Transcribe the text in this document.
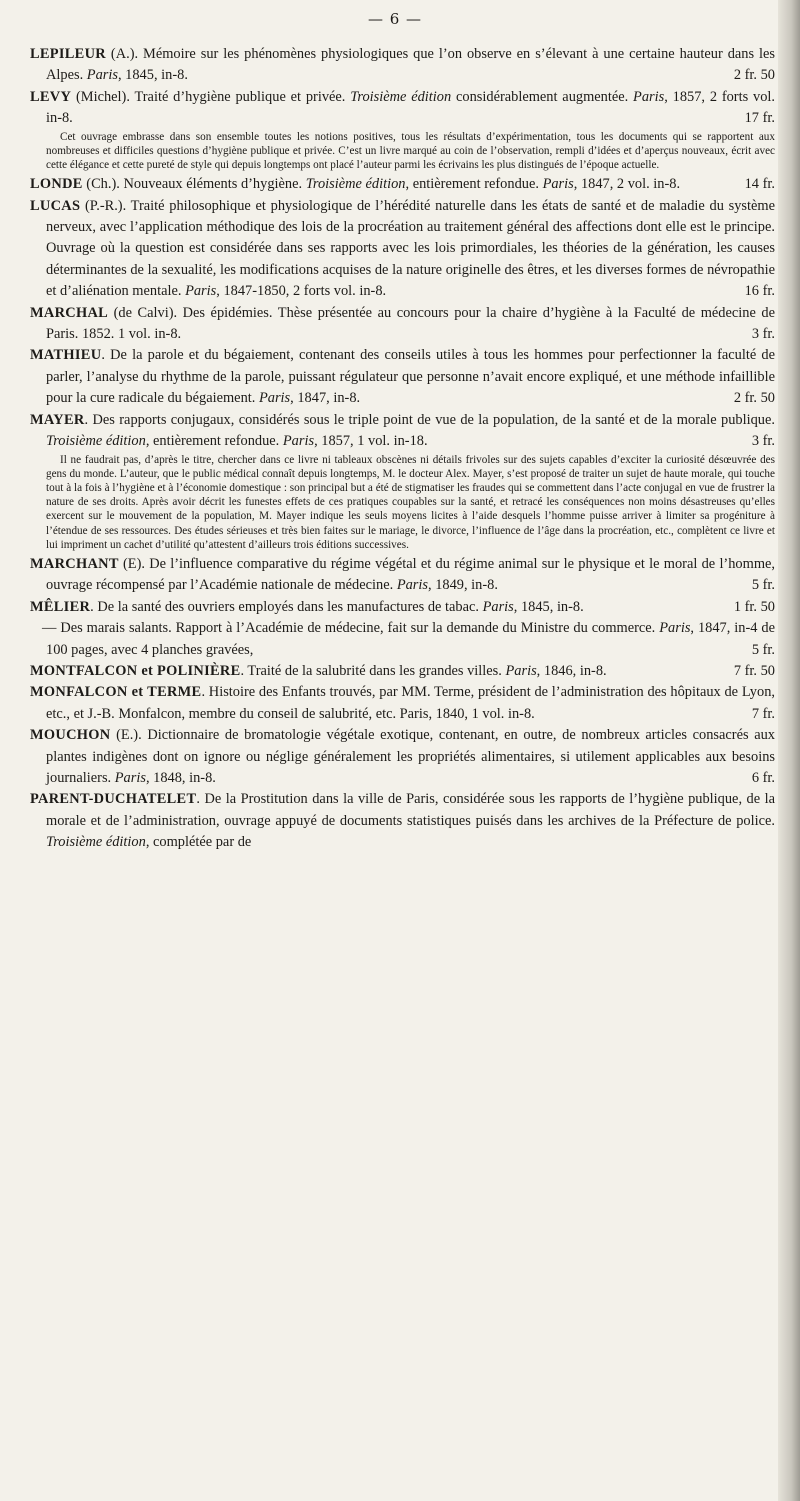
— 6 —

LEPILEUR (A.). Mémoire sur les phénomènes physiologiques que l’on observe en s’élevant à une certaine hauteur dans les Alpes. Paris, 1845, in-8.	2 fr. 50

LEVY (Michel). Traité d’hygiène publique et privée. Troisième édition considérablement augmentée. Paris, 1857, 2 forts vol. in-8.	17 fr.

Cet ouvrage embrasse dans son ensemble toutes les notions positives, tous les résultats d’expérimentation, tous les documents qui se rapportent aux nombreuses et difficiles questions d’hygiène publique et privée. C’est un livre marqué au coin de l’observation, rempli d’idées et d’aperçus nouveaux, écrit avec cette élégance et cette pureté de style qui depuis longtemps ont placé l’auteur parmi les écrivains les plus distingués de l’époque actuelle.

LONDE (Ch.). Nouveaux éléments d’hygiène. Troisième édition, entièrement refondue. Paris, 1847, 2 vol. in-8.	14 fr.

LUCAS (P.-R.). Traité philosophique et physiologique de l’hérédité naturelle dans les états de santé et de maladie du système nerveux, avec l’application méthodique des lois de la procréation au traitement général des affections dont elle est le principe. Ouvrage où la question est considérée dans ses rapports avec les lois primordiales, les théories de la génération, les causes déterminantes de la sexualité, les modifications acquises de la nature originelle des êtres, et les diverses formes de névropathie et d’aliénation mentale. Paris, 1847-1850, 2 forts vol. in-8.	16 fr.

MARCHAL (de Calvi). Des épidémies. Thèse présentée au concours pour la chaire d’hygiène à la Faculté de médecine de Paris. 1852. 1 vol. in-8.	3 fr.

MATHIEU. De la parole et du bégaiement, contenant des conseils utiles à tous les hommes pour perfectionner la faculté de parler, l’analyse du rhythme de la parole, puissant régulateur que personne n’avait encore expliqué, et une méthode infaillible pour la cure radicale du bégaiement. Paris, 1847, in-8.	2 fr. 50

MAYER. Des rapports conjugaux, considérés sous le triple point de vue de la population, de la santé et de la morale publique. Troisième édition, entièrement refondue. Paris, 1857, 1 vol. in-18.	3 fr.

Il ne faudrait pas, d’après le titre, chercher dans ce livre ni tableaux obscènes ni détails frivoles sur des sujets capables d’exciter la curiosité désœuvrée des gens du monde. L’auteur, que le public médical connaît depuis longtemps, M. le docteur Alex. Mayer, s’est proposé de traiter un sujet de haute morale, qui touche tout à la fois à l’hygiène et à l’économie domestique : son principal but a été de stigmatiser les fraudes qui se commettent dans l’acte conjugal en vue de frustrer la nature de ses droits. Après avoir décrit les funestes effets de ces pratiques coupables sur la santé, et retracé les conséquences non moins désastreuses qu’elles exercent sur le mouvement de la population, M. Mayer indique les seuls moyens licites à l’aide desquels l’homme puisse arriver à limiter sa progéniture à l’étendue de ses ressources. Des études sérieuses et très bien faites sur le mariage, le divorce, l’influence de l’âge dans la procréation, etc., complètent ce livre et lui impriment un cachet d’utilité qu’attestent d’ailleurs trois éditions successives.

MARCHANT (E). De l’influence comparative du régime végétal et du régime animal sur le physique et le moral de l’homme, ouvrage récompensé par l’Académie nationale de médecine. Paris, 1849, in-8.	5 fr.

MÊLIER. De la santé des ouvriers employés dans les manufactures de tabac. Paris, 1845, in-8.	1 fr. 50

— Des marais salants. Rapport à l’Académie de médecine, fait sur la demande du Ministre du commerce. Paris, 1847, in-4 de 100 pages, avec 4 planches gravées,	5 fr.

MONTFALCON et POLINIÈRE. Traité de la salubrité dans les grandes villes. Paris, 1846, in-8.	7 fr. 50

MONFALCON et TERME. Histoire des Enfants trouvés, par MM. Terme, président de l’administration des hôpitaux de Lyon, etc., et J.-B. Monfalcon, membre du conseil de salubrité, etc. Paris, 1840, 1 vol. in-8.	7 fr.

MOUCHON (E.). Dictionnaire de bromatologie végétale exotique, contenant, en outre, de nombreux articles consacrés aux plantes indigènes dont on ignore ou néglige généralement les propriétés alimentaires, si utilement applicables aux besoins journaliers. Paris, 1848, in-8.	6 fr.

PARENT-DUCHATELET. De la Prostitution dans la ville de Paris, considérée sous les rapports de l’hygiène publique, de la morale et de l’administration, ouvrage appuyé de documents statistiques puisés dans les archives de la Préfecture de police. Troisième édition, complétée par de
